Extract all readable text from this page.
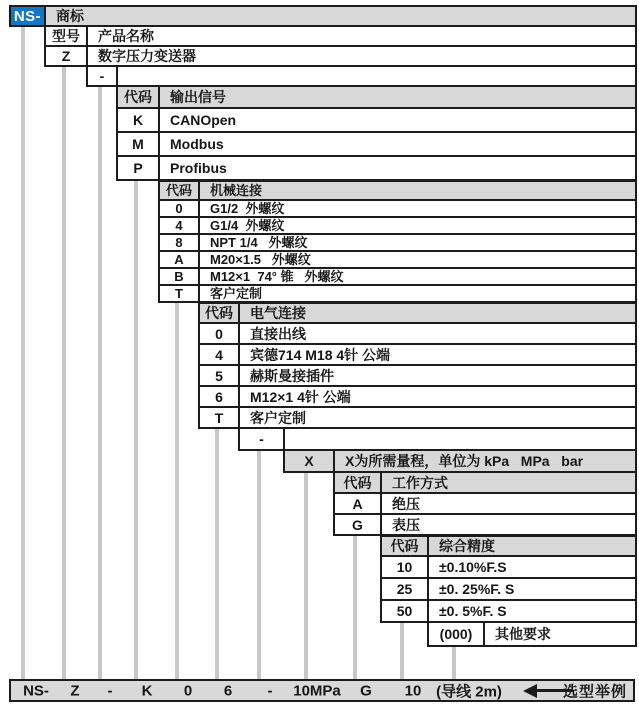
NS-	商标
型号	产品名称
Z	数字压力变送器
-
代码	输出信号
K	CANOpen
M	Modbus
P	Profibus
代码	机械连接
0	G1/2  外螺纹
4	G1/4  外螺纹
8	NPT 1/4   外螺纹
A	M20×1.5   外螺纹
B	M12×1  74° 锥   外螺纹
T	客户定制
代码	电气连接
0	直接出线
4	宾德714 M18 4针 公端
5	赫斯曼接插件
6	M12×1 4针 公端
T	客户定制
-
X	X为所需量程，单位为 kPa   MPa   bar
代码	工作方式
A	绝压
G	表压
代码	综合精度
10	±0.10%F.S
25	±0. 25%F. S
50	±0. 5%F. S
(000)	其他要求
NS- Z - K 0 6 - 10MPa G 10 (导线 2m)	选型举例
